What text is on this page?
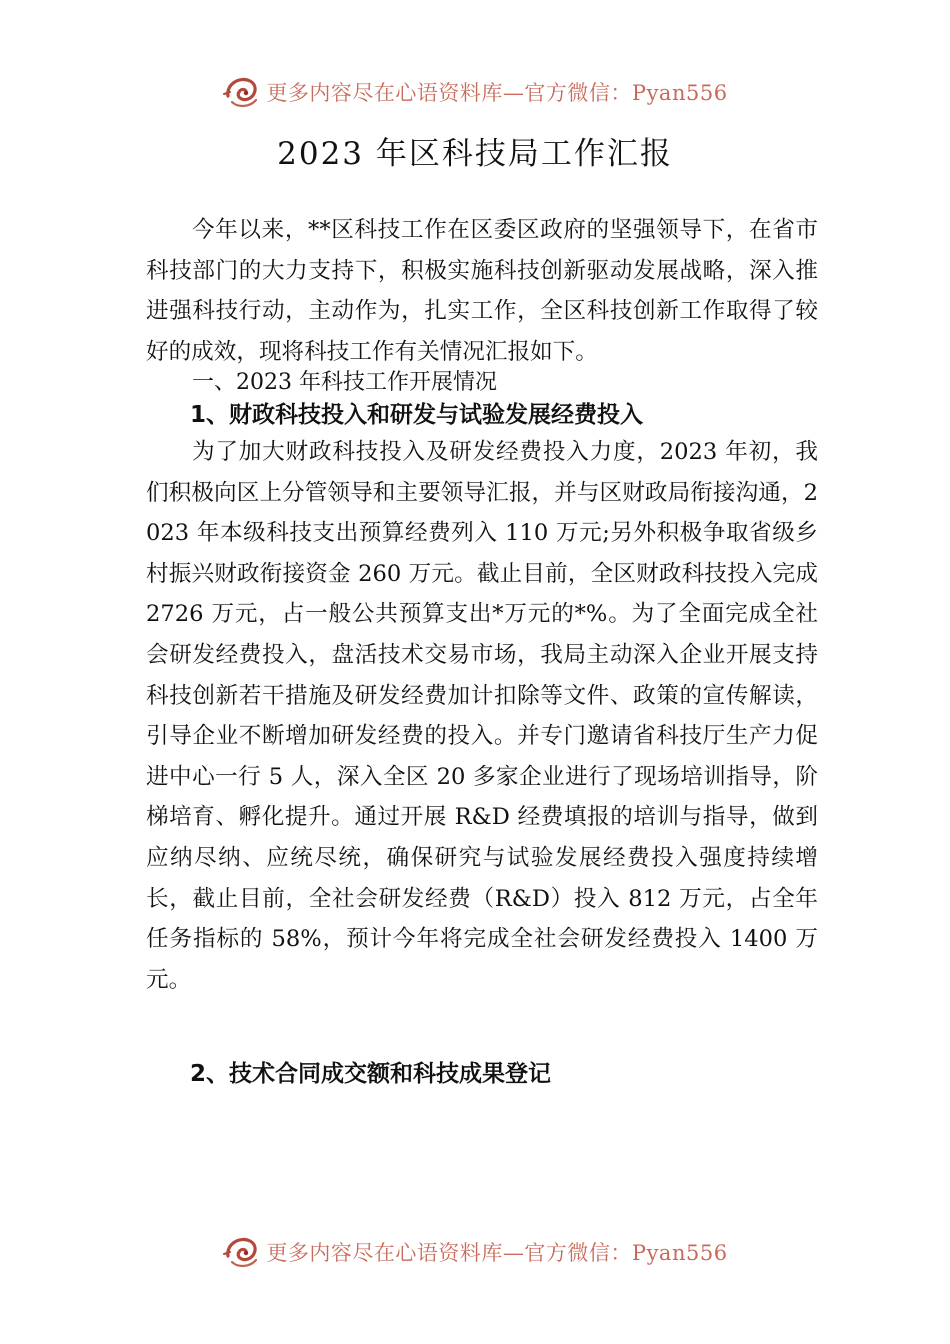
更多内容尽在心语资料库—官方微信：Pyan556
2023 年区科技局工作汇报

今年以来，**区科技工作在区委区政府的坚强领导下，在省市科技部门的大力支持下，积极实施科技创新驱动发展战略，深入推进强科技行动，主动作为，扎实工作，全区科技创新工作取得了较好的成效，现将科技工作有关情况汇报如下。

一、2023 年科技工作开展情况

1、财政科技投入和研发与试验发展经费投入

为了加大财政科技投入及研发经费投入力度，2023 年初，我们积极向区上分管领导和主要领导汇报，并与区财政局衔接沟通，2023 年本级科技支出预算经费列入 110 万元;另外积极争取省级乡村振兴财政衔接资金 260 万元。截止目前，全区财政科技投入完成 2726 万元，占一般公共预算支出*万元的*%。为了全面完成全社会研发经费投入，盘活技术交易市场，我局主动深入企业开展支持科技创新若干措施及研发经费加计扣除等文件、政策的宣传解读，引导企业不断增加研发经费的投入。并专门邀请省科技厅生产力促进中心一行 5 人，深入全区 20 多家企业进行了现场培训指导，阶梯培育、孵化提升。通过开展 R&D 经费填报的培训与指导，做到应纳尽纳、应统尽统，确保研究与试验发展经费投入强度持续增长，截止目前，全社会研发经费（R&D）投入 812 万元，占全年任务指标的 58%，预计今年将完成全社会研发经费投入 1400 万元。

2、技术合同成交额和科技成果登记
更多内容尽在心语资料库—官方微信：Pyan556
